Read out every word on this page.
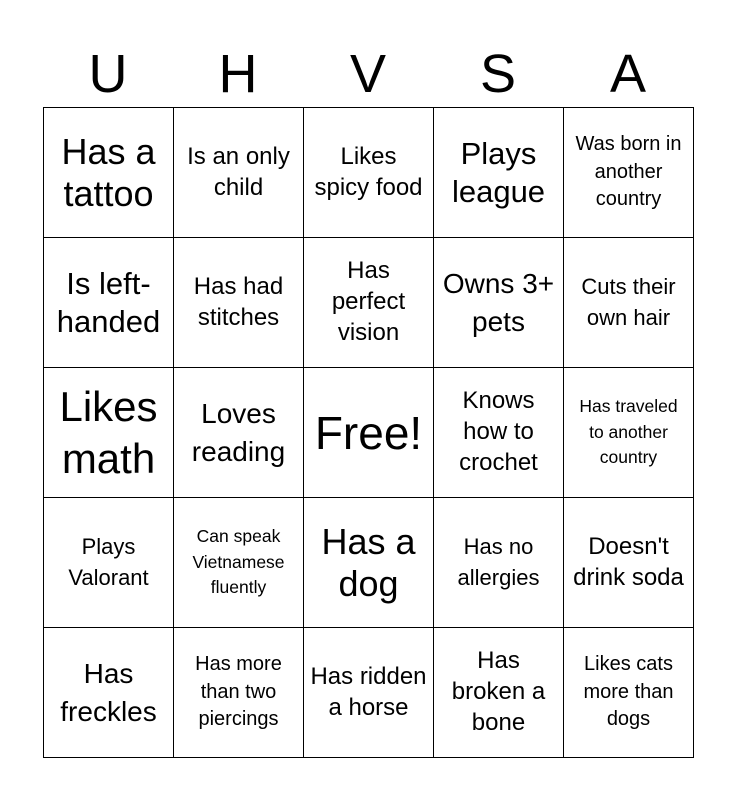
U	H	V	S	A
Has a tattoo
Is an only child
Likes spicy food
Plays league
Was born in another country
Is left-handed
Has had stitches
Has perfect vision
Owns 3+ pets
Cuts their own hair
Likes math
Loves reading Free!
Knows how to crochet
Has traveled to another country
Plays Valorant
Can speak Vietnamese fluently
Has a dog
Has no allergies
Doesn't drink soda
Has freckles
Has more than two piercings
Has ridden a horse
Has broken a bone
Likes cats more than dogs
